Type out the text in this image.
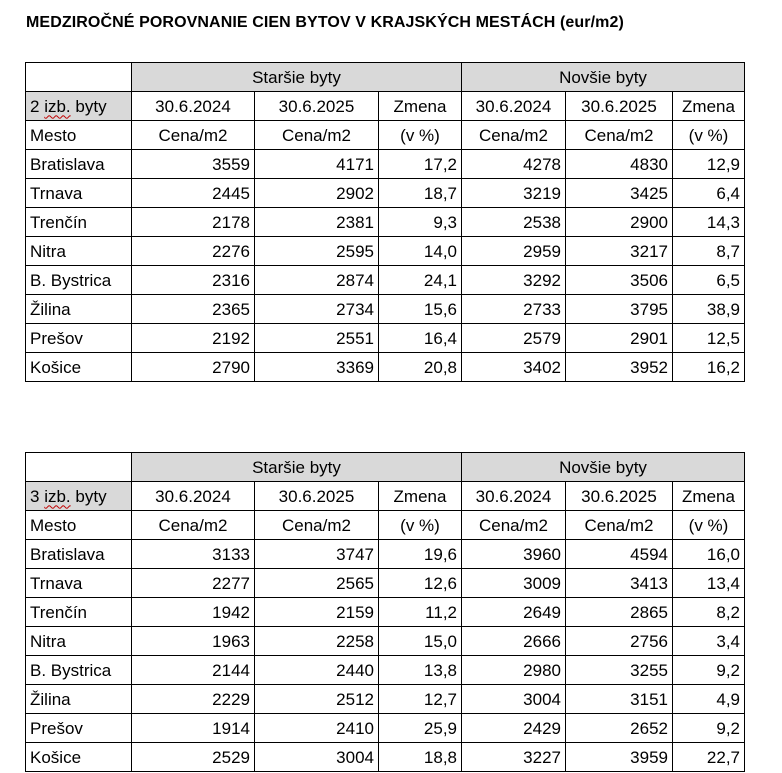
MEDZIROČNÉ POROVNANIE CIEN BYTOV V KRAJSKÝCH MESTÁCH (eur/m2)
	Staršie byty			Novšie byty		
2 izb. byty	30.6.2024	30.6.2025	Zmena	30.6.2024	30.6.2025	Zmena
Mesto	Cena/m2	Cena/m2	(v %)	Cena/m2	Cena/m2	(v %)
Bratislava	3559	4171	17,2	4278	4830	12,9
Trnava	2445	2902	18,7	3219	3425	6,4
Trenčín	2178	2381	9,3	2538	2900	14,3
Nitra	2276	2595	14,0	2959	3217	8,7
B. Bystrica	2316	2874	24,1	3292	3506	6,5
Žilina	2365	2734	15,6	2733	3795	38,9
Prešov	2192	2551	16,4	2579	2901	12,5
Košice	2790	3369	20,8	3402	3952	16,2
	Staršie byty			Novšie byty		
3 izb. byty	30.6.2024	30.6.2025	Zmena	30.6.2024	30.6.2025	Zmena
Mesto	Cena/m2	Cena/m2	(v %)	Cena/m2	Cena/m2	(v %)
Bratislava	3133	3747	19,6	3960	4594	16,0
Trnava	2277	2565	12,6	3009	3413	13,4
Trenčín	1942	2159	11,2	2649	2865	8,2
Nitra	1963	2258	15,0	2666	2756	3,4
B. Bystrica	2144	2440	13,8	2980	3255	9,2
Žilina	2229	2512	12,7	3004	3151	4,9
Prešov	1914	2410	25,9	2429	2652	9,2
Košice	2529	3004	18,8	3227	3959	22,7
